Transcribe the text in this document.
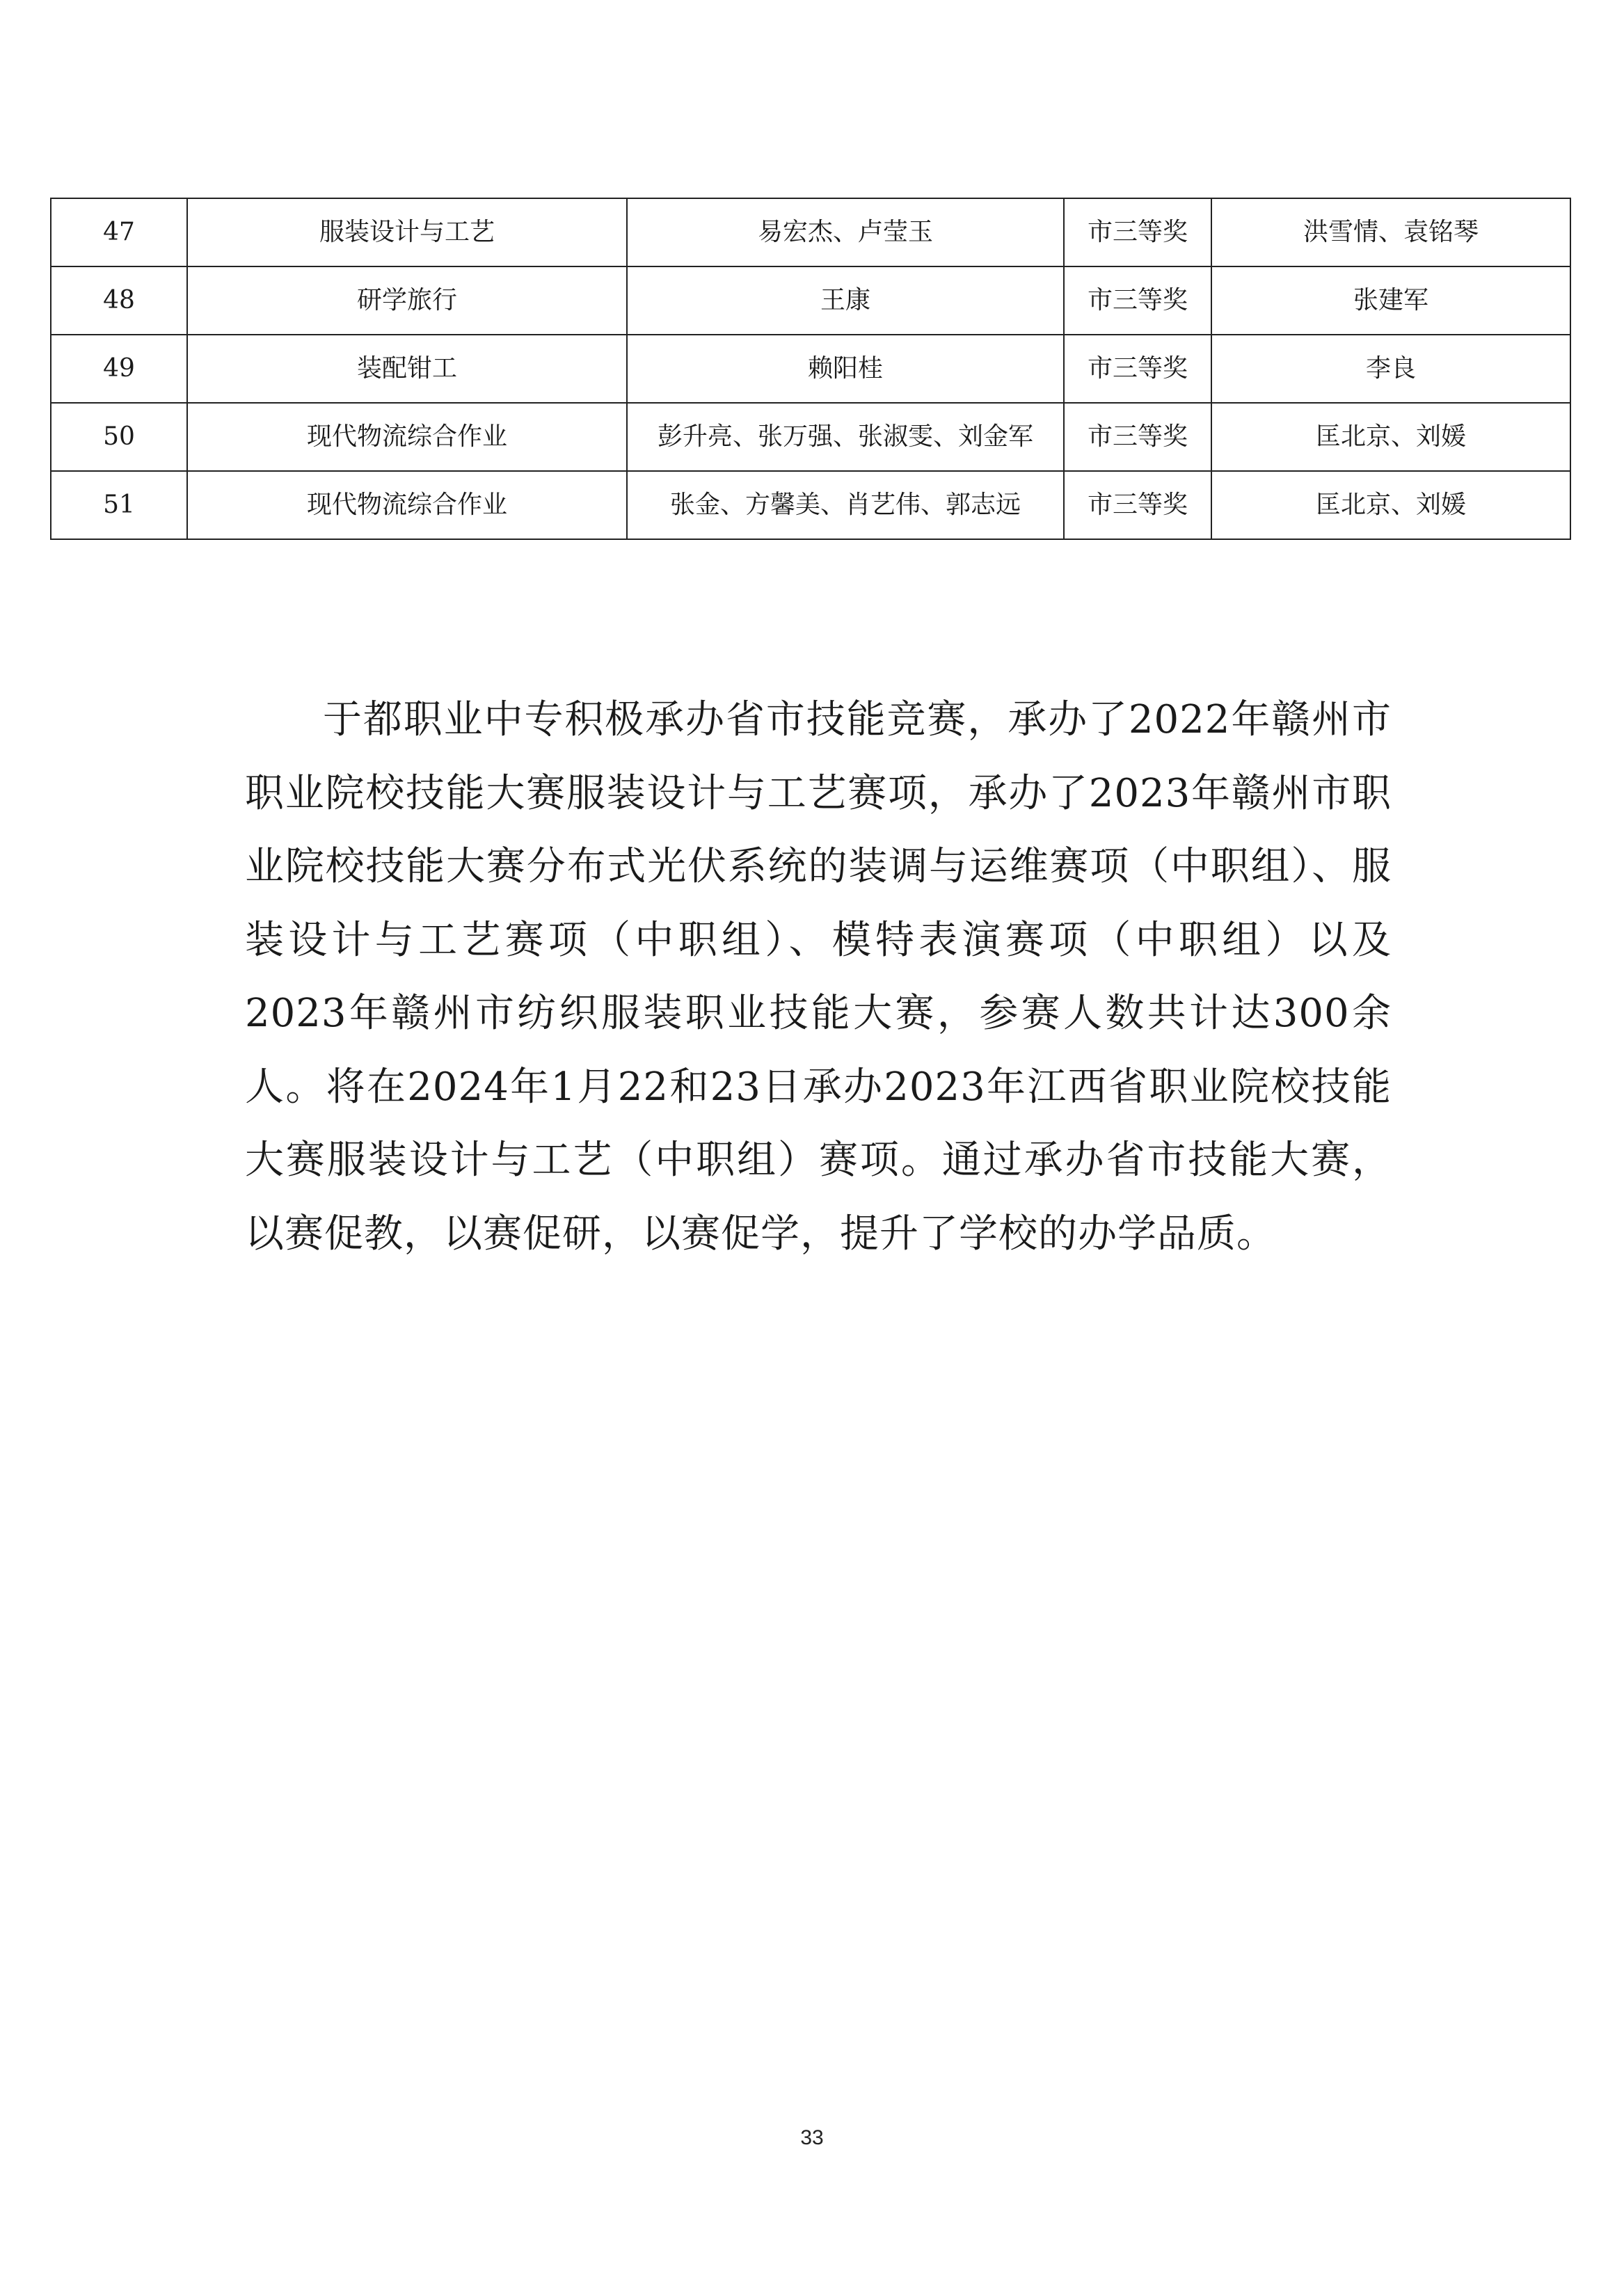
47	服装设计与工艺	易宏杰、卢莹玉	市三等奖	洪雪情、袁铭琴
48	研学旅行	王康	市三等奖	张建军
49	装配钳工	赖阳桂	市三等奖	李良
50	现代物流综合作业	彭升亮、张万强、张淑雯、刘金军	市三等奖	匡北京、刘媛
51	现代物流综合作业	张金、方馨美、肖艺伟、郭志远	市三等奖	匡北京、刘媛

于都职业中专积极承办省市技能竞赛，承办了2022年赣州市职业院校技能大赛服装设计与工艺赛项，承办了2023年赣州市职业院校技能大赛分布式光伏系统的装调与运维赛项（中职组）、服装设计与工艺赛项（中职组）、模特表演赛项（中职组）以及2023年赣州市纺织服装职业技能大赛，参赛人数共计达300余人。将在2024年1月22和23日承办2023年江西省职业院校技能大赛服装设计与工艺（中职组）赛项。通过承办省市技能大赛，以赛促教，以赛促研，以赛促学，提升了学校的办学品质。

33
